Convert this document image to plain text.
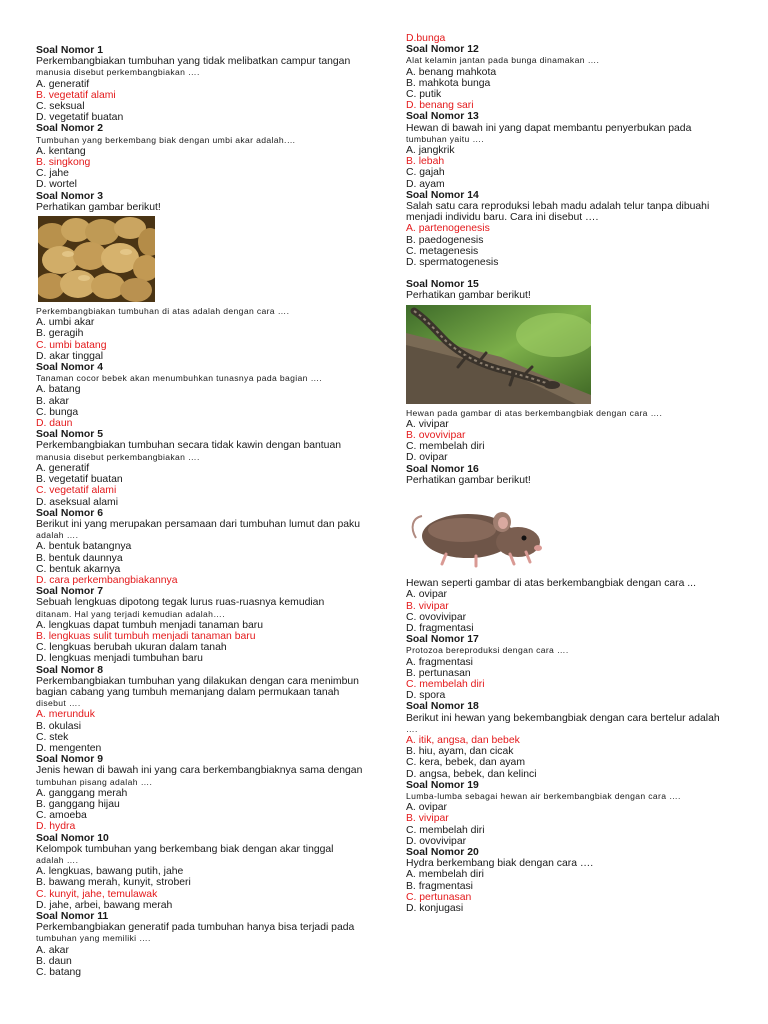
Soal Nomor 1
Perkembangbiakan tumbuhan yang tidak melibatkan campur tangan
manusia disebut perkembangbiakan ….
A. generatif
B. vegetatif alami
C. seksual
D. vegetatif buatan
Soal Nomor 2
Tumbuhan yang berkembang biak dengan umbi akar adalah.…
A. kentang
B. singkong
C. jahe
D. wortel
Soal Nomor 3
Perhatikan gambar berikut!
Perkembangbiakan tumbuhan di atas adalah dengan cara ….
A. umbi akar
B. geragih
C. umbi batang
D. akar tinggal
Soal Nomor 4
Tanaman cocor bebek akan menumbuhkan tunasnya pada bagian ….
A. batang
B. akar
C. bunga
D. daun
Soal Nomor 5
Perkembangbiakan tumbuhan secara tidak kawin dengan bantuan
manusia disebut perkembangbiakan ….
A. generatif
B. vegetatif buatan
C. vegetatif alami
D. aseksual alami
Soal Nomor 6
Berikut ini yang merupakan persamaan dari tumbuhan lumut dan paku
adalah ….
A. bentuk batangnya
B. bentuk daunnya
C. bentuk akarnya
D. cara perkembangbiakannya
Soal Nomor 7
Sebuah lengkuas dipotong tegak lurus ruas-ruasnya kemudian
ditanam. Hal yang terjadi kemudian adalah….
A. lengkuas dapat tumbuh menjadi tanaman baru
B. lengkuas sulit tumbuh menjadi tanaman baru
C. lengkuas berubah ukuran dalam tanah
D. lengkuas menjadi tumbuhan baru
Soal Nomor 8
Perkembangbiakan tumbuhan yang dilakukan dengan cara menimbun
bagian cabang yang tumbuh memanjang dalam permukaan tanah
disebut ….
A. merunduk
B. okulasi
C. stek
D. mengenten
Soal Nomor 9
Jenis hewan di bawah ini yang cara berkembangbiaknya sama dengan
tumbuhan pisang adalah ….
A. ganggang merah
B. ganggang hijau
C. amoeba
D. hydra
Soal Nomor 10
Kelompok tumbuhan yang berkembang biak dengan akar tinggal
adalah ….
A. lengkuas, bawang putih, jahe
B. bawang merah, kunyit, stroberi
C. kunyit, jahe, temulawak
D. jahe, arbei, bawang merah
Soal Nomor 11
Perkembangbiakan generatif pada tumbuhan hanya bisa terjadi pada
tumbuhan yang memiliki ….
A. akar
B. daun
C. batang
D.bunga
Soal Nomor 12
Alat kelamin jantan pada bunga dinamakan ….
A. benang mahkota
B. mahkota bunga
C. putik
D. benang sari
Soal Nomor 13
Hewan di bawah ini yang dapat membantu penyerbukan pada
tumbuhan yaitu ….
A. jangkrik
B. lebah
C. gajah
D. ayam
Soal Nomor 14
Salah satu cara reproduksi lebah madu adalah telur tanpa dibuahi
menjadi individu baru. Cara ini disebut ….
A. partenogenesis
B. paedogenesis
C. metagenesis
D. spermatogenesis
Soal Nomor 15
Perhatikan gambar berikut!
Hewan pada gambar di atas berkembangbiak dengan cara ….
A. vivipar
B. ovovivipar
C. membelah diri
D. ovipar
Soal Nomor 16
Perhatikan gambar berikut!
Hewan seperti gambar di atas berkembangbiak dengan cara ...
A. ovipar
B. vivipar
C. ovovivipar
D. fragmentasi
Soal Nomor 17
Protozoa bereproduksi dengan cara ….
A. fragmentasi
B. pertunasan
C. membelah diri
D. spora
Soal Nomor 18
Berikut ini hewan yang bekembangbiak dengan cara bertelur adalah
….
A. itik, angsa, dan bebek
B. hiu, ayam, dan cicak
C. kera, bebek, dan ayam
D. angsa, bebek, dan kelinci
Soal Nomor 19
Lumba-lumba sebagai hewan air berkembangbiak dengan cara ….
A. ovipar
B. vivipar
C. membelah diri
D. ovovivipar
Soal Nomor 20
Hydra berkembang biak dengan cara ….
A. membelah diri
B. fragmentasi
C. pertunasan
D. konjugasi
